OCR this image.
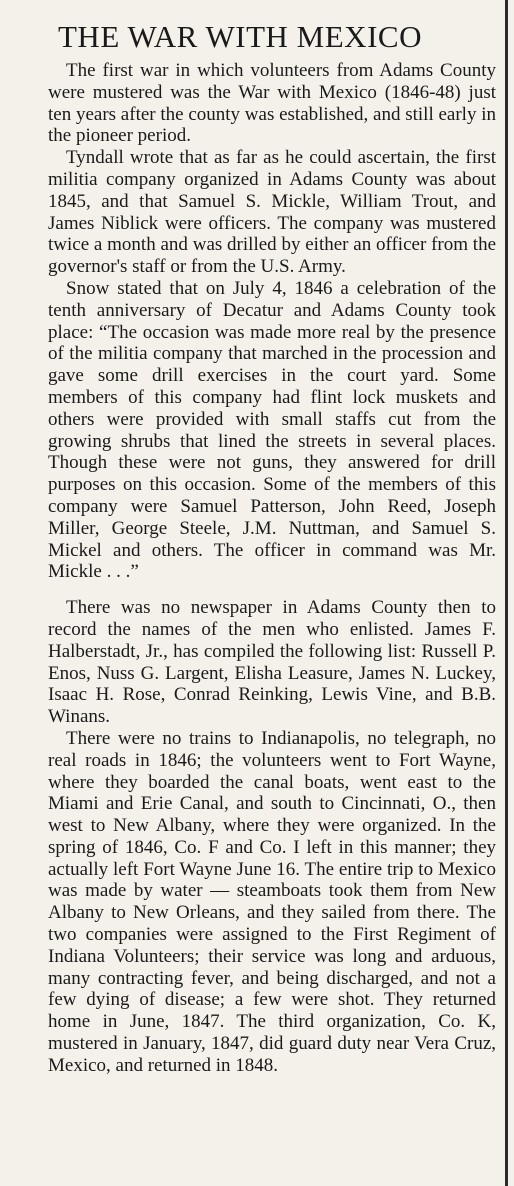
THE WAR WITH MEXICO

The first war in which volunteers from Adams County were mustered was the War with Mexico (1846-48) just ten years after the county was established, and still early in the pioneer period.

Tyndall wrote that as far as he could ascertain, the first militia company organized in Adams County was about 1845, and that Samuel S. Mickle, William Trout, and James Niblick were officers. The company was mustered twice a month and was drilled by either an officer from the governor's staff or from the U.S. Army.

Snow stated that on July 4, 1846 a celebration of the tenth anniversary of Decatur and Adams County took place: “The occasion was made more real by the presence of the militia company that marched in the procession and gave some drill exercises in the court yard. Some members of this company had flint lock muskets and others were provided with small staffs cut from the growing shrubs that lined the streets in several places. Though these were not guns, they answered for drill purposes on this occasion. Some of the members of this company were Samuel Patterson, John Reed, Joseph Miller, George Steele, J.M. Nuttman, and Samuel S. Mickel and others. The officer in command was Mr. Mickle . . .”

There was no newspaper in Adams County then to record the names of the men who enlisted. James F. Halberstadt, Jr., has compiled the following list: Russell P. Enos, Nuss G. Largent, Elisha Leasure, James N. Luckey, Isaac H. Rose, Conrad Reinking, Lewis Vine, and B.B. Winans.

There were no trains to Indianapolis, no telegraph, no real roads in 1846; the volunteers went to Fort Wayne, where they boarded the canal boats, went east to the Miami and Erie Canal, and south to Cincinnati, O., then west to New Albany, where they were organized. In the spring of 1846, Co. F and Co. I left in this manner; they actually left Fort Wayne June 16. The entire trip to Mexico was made by water — steamboats took them from New Albany to New Orleans, and they sailed from there. The two companies were assigned to the First Regiment of Indiana Volunteers; their service was long and arduous, many contracting fever, and being discharged, and not a few dying of disease; a few were shot. They returned home in June, 1847. The third organization, Co. K, mustered in January, 1847, did guard duty near Vera Cruz, Mexico, and returned in 1848.
